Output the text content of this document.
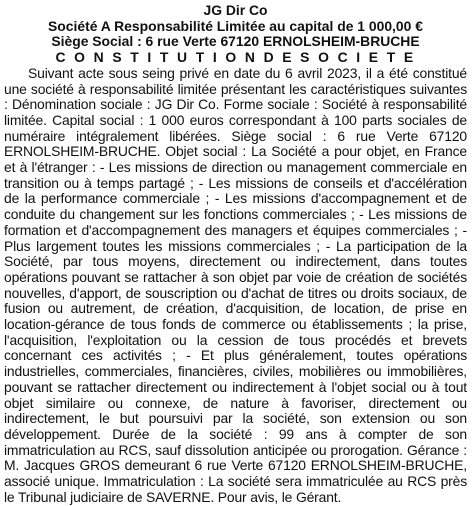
JG Dir Co
Société A Responsabilité Limitée au capital de 1 000,00 €
Siège Social : 6 rue Verte 67120 ERNOLSHEIM-BRUCHE
C O N S T I T U T I O N D E S O C I E T E

Suivant acte sous seing privé en date du 6 avril 2023, il a été constitué une société à responsabilité limitée présentant les caractéristiques suivantes : Dénomination sociale : JG Dir Co. Forme sociale : Société à responsabilité limitée. Capital social : 1 000 euros correspondant à 100 parts sociales de numéraire intégralement libérées. Siège social : 6 rue Verte 67120 ERNOLSHEIM-BRUCHE. Objet social : La Société a pour objet, en France et à l'étranger : - Les missions de direction ou management commerciale en transition ou à temps partagé ; - Les missions de conseils et d'accélération de la performance commerciale ; - Les missions d'accompagnement et de conduite du changement sur les fonctions commerciales ; - Les missions de formation et d'accompagnement des managers et équipes commerciales ; - Plus largement toutes les missions commerciales ; - La participation de la Société, par tous moyens, directement ou indirectement, dans toutes opérations pouvant se rattacher à son objet par voie de création de sociétés nouvelles, d'apport, de souscription ou d'achat de titres ou droits sociaux, de fusion ou autrement, de création, d'acquisition, de location, de prise en location-gérance de tous fonds de commerce ou établissements ; la prise, l'acquisition, l'exploitation ou la cession de tous procédés et brevets concernant ces activités ; - Et plus généralement, toutes opérations industrielles, commerciales, financières, civiles, mobilières ou immobilières, pouvant se rattacher directement ou indirectement à l'objet social ou à tout objet similaire ou connexe, de nature à favoriser, directement ou indirectement, le but poursuivi par la société, son extension ou son développement. Durée de la société : 99 ans à compter de son immatriculation au RCS, sauf dissolution anticipée ou prorogation. Gérance : M. Jacques GROS demeurant 6 rue Verte 67120 ERNOLSHEIM-BRUCHE, associé unique. Immatriculation : La société sera immatriculée au RCS près le Tribunal judiciaire de SAVERNE. Pour avis, le Gérant.
